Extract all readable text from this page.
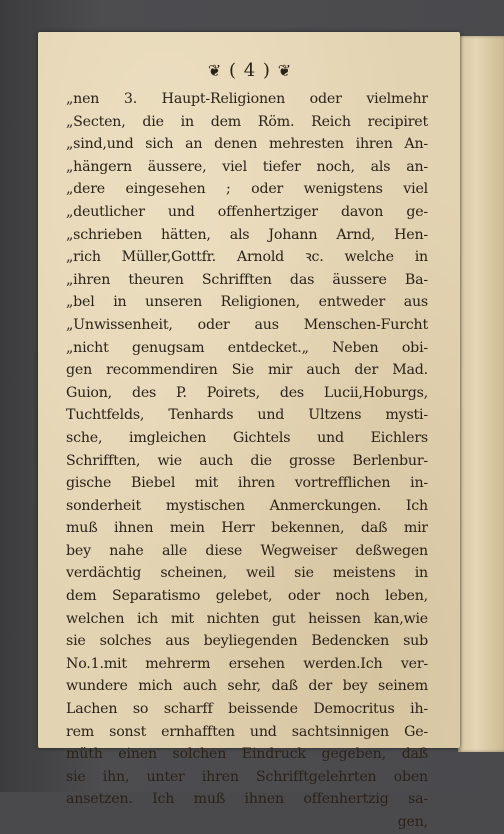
❦ ( 4 ) ❦
„nen 3. Haupt‑Religionen oder vielmehr
„Secten, die in dem Röm. Reich recipiret
„sind,und sich an denen mehresten ihren An‑
„hängern äussere, viel tiefer noch, als an‑
„dere eingesehen ; oder wenigstens viel
„deutlicher und offenhertziger davon ge‑
„schrieben hätten, als Johann Arnd, Hen‑
„rich Müller,Gottfr. Arnold ꝛc. welche in
„ihren theuren Schrifften das äussere Ba‑
„bel in unseren Religionen, entweder aus
„Unwissenheit, oder aus Menschen‑Furcht
„nicht genugsam entdecket.„ Neben obi‑
gen recommendiren Sie mir auch der Mad.
Guion, des P. Poirets, des Lucii,Hoburgs,
Tuchtfelds, Tenhards und Ultzens mysti‑
sche, imgleichen Gichtels und Eichlers
Schrifften, wie auch die grosse Berlenbur‑
gische Biebel mit ihren vortrefflichen in‑
sonderheit mystischen Anmerckungen. Ich
muß ihnen mein Herr bekennen, daß mir
bey nahe alle diese Wegweiser deßwegen
verdächtig scheinen, weil sie meistens in
dem Separatismo gelebet, oder noch leben,
welchen ich mit nichten gut heissen kan,wie
sie solches aus beyliegenden Bedencken sub
No.1.mit mehrerm ersehen werden.Ich ver‑
wundere mich auch sehr, daß der bey seinem
Lachen so scharff beissende Democritus ih‑
rem sonst ernhafften und sachtsinnigen Ge‑
müth einen solchen Eindruck gegeben, daß
sie ihn, unter ihren Schrifftgelehrten oben
ansetzen. Ich muß ihnen offenhertzig sa‑
gen,
